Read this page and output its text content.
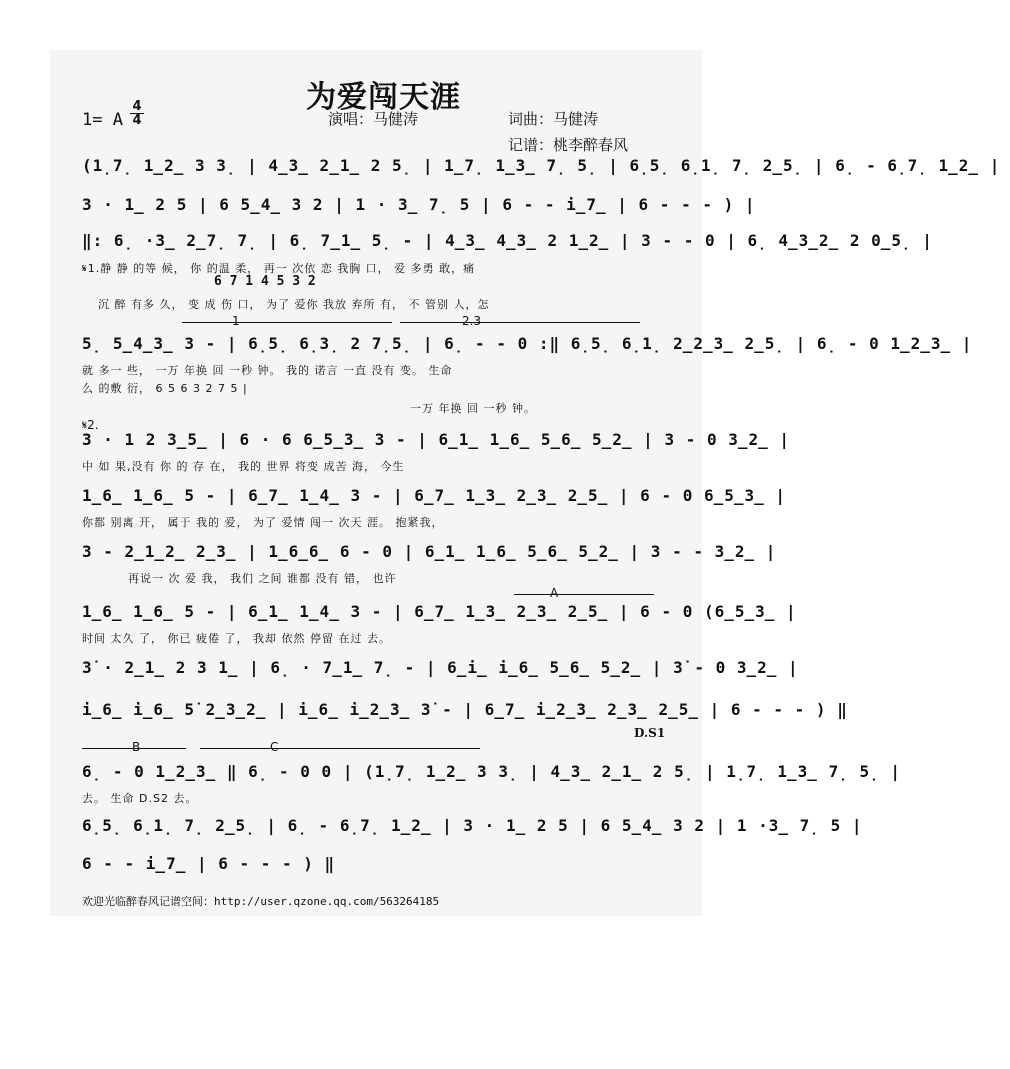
为爱闯天涯
1= A
4
4	演唱：马健涛	词曲：马健涛
记谱：桃李醉春风
(1̣7̣ 1̲2̲ 3 3̣ | 4̲3̲ 2̲1̲ 2 5̣ | 1̲7̣ 1̲3̲ 7̣ 5̣ | 6̣5̣ 6̣1̣ 7̣ 2̲5̣ | 6̣ - 6̣7̣ 1̲2̲ |
3 · 1̲ 2 5 | 6 5̲4̲ 3 2 | 1 · 3̲ 7̣ 5 | 6 - - i̲7̲ | 6 - - - ) |
‖: 6̣ ·3̲ 2̲7̣ 7̣ | 6̣ 7̲1̲ 5̣ - | 4̲3̲ 4̲3̲ 2 1̲2̲ | 3 - - 0 | 6̣ 4̲3̲2̲ 2 0̲5̣ |
𝄋1.静 静 的等 候， 你 的温 柔， 再一 次依 恋 我胸 口， 爱 多勇 敢，痛
6 7 1 4 5 3 2
沉 醉 有多 久， 变 成 伤 口， 为了 爱你 我放 弃所 有， 不 管别 人，怎
1	2.3
5̣ 5̲4̲3̲ 3 - | 6̣5̣ 6̣3̣ 2 7̣5̣ | 6̣ - - 0 :‖ 6̣5̣ 6̣1̣ 2̲2̲3̲ 2̲5̣ | 6̣ - 0 1̲2̲3̲ |
就 多一 些， 一万 年换 回 一秒 钟。 我的 诺言 一直 没有 变。 生命
么 的敷 衍， 6 5 6 3 2 7 5 |
一万 年换 回 一秒 钟。
𝄋2.
3 · 1 2 3̲5̲ | 6 · 6 6̲5̲3̲ 3 - | 6̲1̲ 1̲6̲ 5̲6̲ 5̲2̲ | 3 - 0 3̲2̲ |
中 如 果,没有 你 的 存 在， 我的 世界 将变 成苦 海， 今生
1̲6̲ 1̲6̲ 5 - | 6̲7̲ 1̲4̲ 3 - | 6̲7̲ 1̲3̲ 2̲3̲ 2̲5̲ | 6 - 0 6̲5̲3̲ |
你都 别离 开， 属于 我的 爱， 为了 爱情 闯一 次天 涯。 抱紧我，
3 - 2̲1̲2̲ 2̲3̲ | 1̲6̲6̲ 6 - 0 | 6̲1̲ 1̲6̲ 5̲6̲ 5̲2̲ | 3 - - 3̲2̲ |
再说一 次 爱 我， 我们 之间 谁都 没有 错， 也许
A
1̲6̲ 1̲6̲ 5 - | 6̲1̲ 1̲4̲ 3 - | 6̲7̲ 1̲3̲ 2̲3̲ 2̲5̲ | 6 - 0 (6̲5̲3̲ |
时间 太久 了， 你已 疲倦 了， 我却 依然 停留 在过 去。
3̇ · 2̲1̲ 2 3 1̲ | 6̣ · 7̲1̲ 7̣ - | 6̲i̲ i̲6̲ 5̲6̲ 5̲2̲ | 3̇ - 0 3̲2̲ |
i̲6̲ i̲6̲ 5̇ 2̲3̲2̲ | i̲6̲ i̲2̲3̲ 3̇ - | 6̲7̲ i̲2̲3̲ 2̲3̲ 2̲5̲ | 6 - - - ) ‖
D.S1
B	C
6̣ - 0 1̲2̲3̲ ‖ 6̣ - 0 0 | (1̣7̣ 1̲2̲ 3 3̣ | 4̲3̲ 2̲1̲ 2 5̣ | 1̣7̣ 1̲3̲ 7̣ 5̣ |
去。 生命 D.S2 去。
6̣5̣ 6̣1̣ 7̣ 2̲5̣ | 6̣ - 6̣7̣ 1̲2̲ | 3 · 1̲ 2 5 | 6 5̲4̲ 3 2 | 1 ·3̲ 7̣ 5 |
6 - - i̲7̲ | 6 - - - ) ‖
欢迎光临醉春风记谱空间：http://user.qzone.qq.com/563264185
